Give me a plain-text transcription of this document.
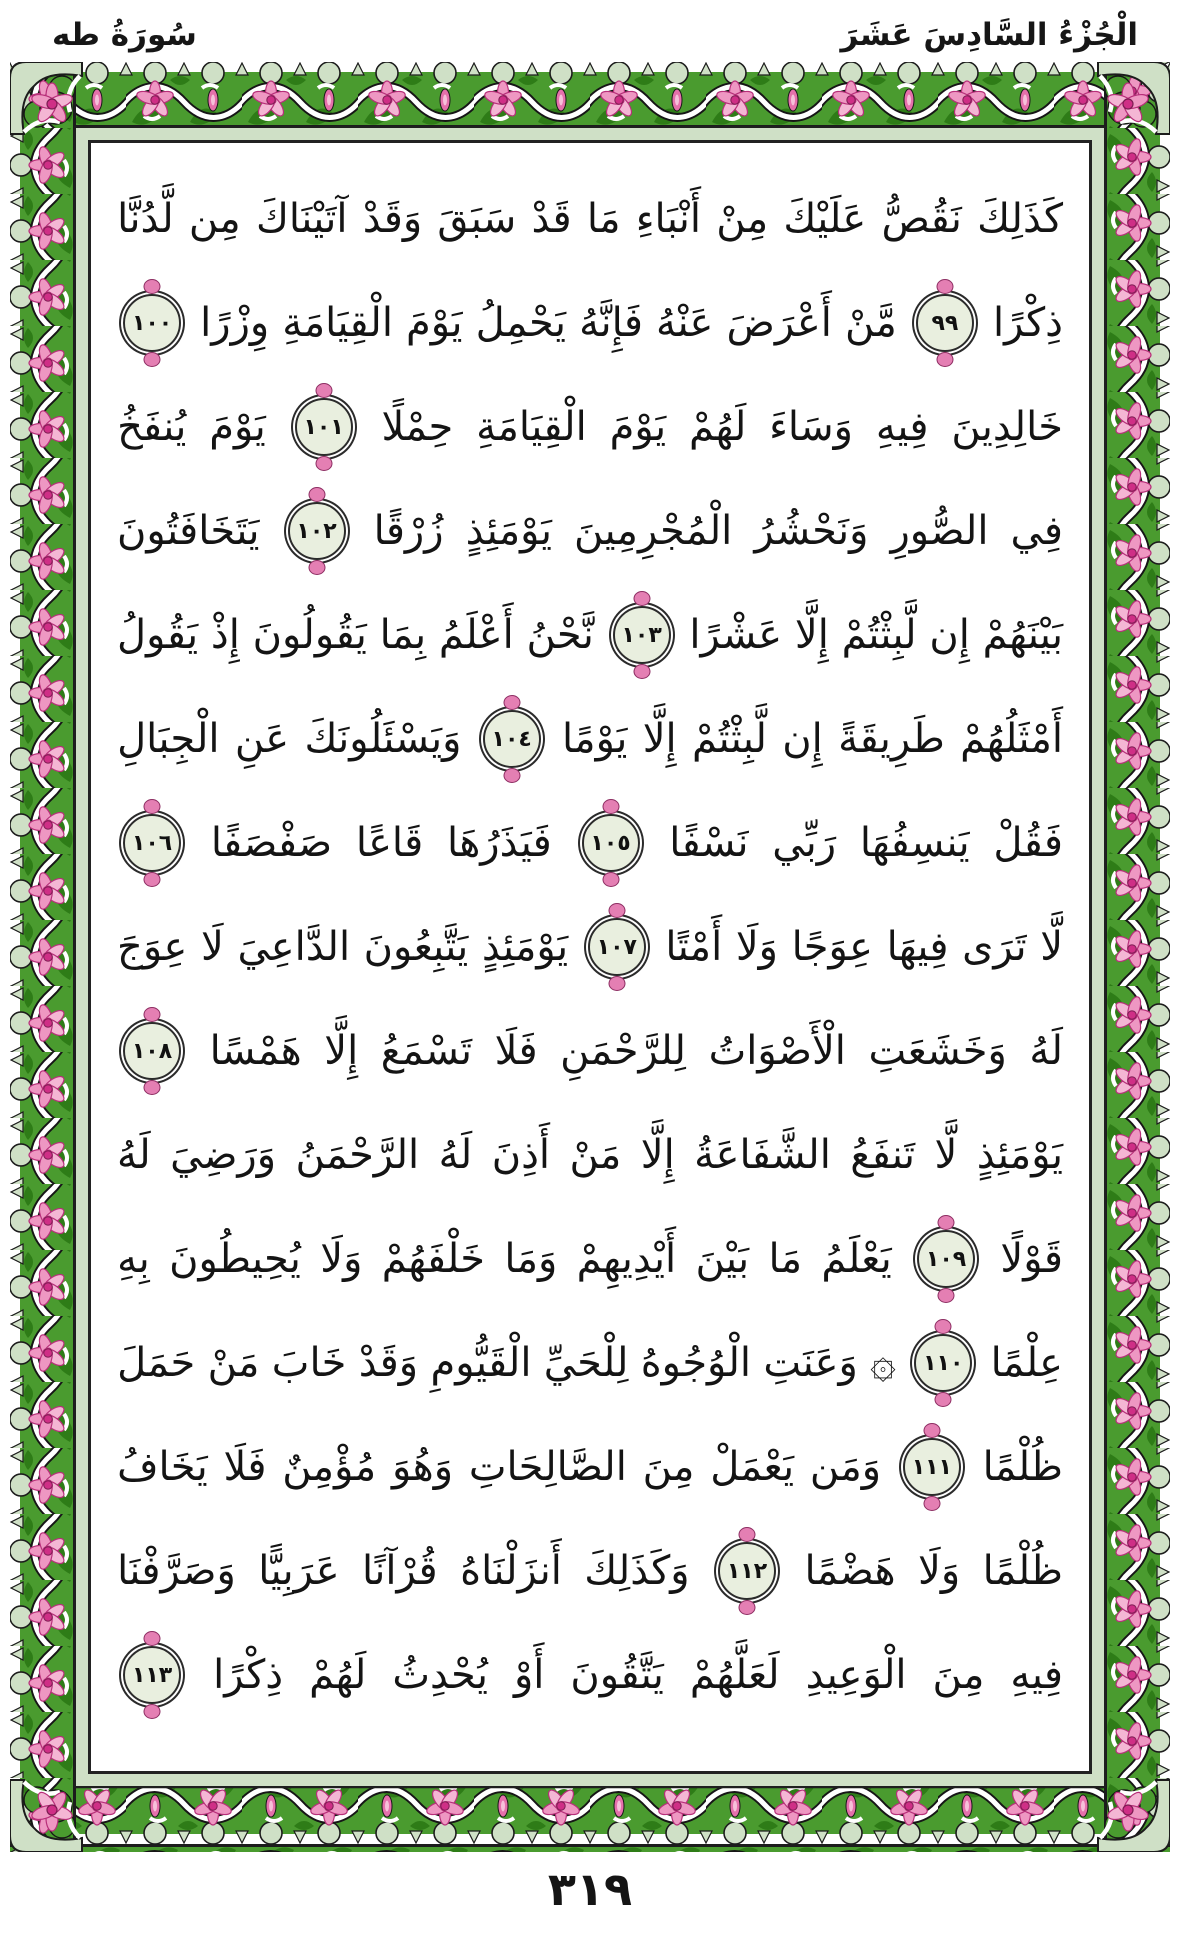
الْجُزْءُ السَّادِسَ عَشَرَ
سُورَةُ طه
كَذَلِكَ
نَقُصُّ
عَلَيْكَ
مِنْ
أَنْبَاءِ
مَا
قَدْ
سَبَقَ
وَقَدْ
آتَيْنَاكَ
مِن
لَّدُنَّا
ذِكْرًا
٩٩
مَّنْ
أَعْرَضَ
عَنْهُ
فَإِنَّهُ
يَحْمِلُ
يَوْمَ
الْقِيَامَةِ
وِزْرًا
١٠٠
خَالِدِينَ
فِيهِ
وَسَاءَ
لَهُمْ
يَوْمَ
الْقِيَامَةِ
حِمْلًا
١٠١
يَوْمَ
يُنفَخُ
فِي
الصُّورِ
وَنَحْشُرُ
الْمُجْرِمِينَ
يَوْمَئِذٍ
زُرْقًا
١٠٢
يَتَخَافَتُونَ
بَيْنَهُمْ
إِن
لَّبِثْتُمْ
إِلَّا
عَشْرًا
١٠٣
نَّحْنُ
أَعْلَمُ
بِمَا
يَقُولُونَ
إِذْ
يَقُولُ
أَمْثَلُهُمْ
طَرِيقَةً
إِن
لَّبِثْتُمْ
إِلَّا
يَوْمًا
١٠٤
وَيَسْئَلُونَكَ
عَنِ
الْجِبَالِ
فَقُلْ
يَنسِفُهَا
رَبِّي
نَسْفًا
١٠٥
فَيَذَرُهَا
قَاعًا
صَفْصَفًا
١٠٦
لَّا
تَرَى
فِيهَا
عِوَجًا
وَلَا
أَمْتًا
١٠٧
يَوْمَئِذٍ
يَتَّبِعُونَ
الدَّاعِيَ
لَا
عِوَجَ
لَهُ
وَخَشَعَتِ
الْأَصْوَاتُ
لِلرَّحْمَنِ
فَلَا
تَسْمَعُ
إِلَّا
هَمْسًا
١٠٨
يَوْمَئِذٍ
لَّا
تَنفَعُ
الشَّفَاعَةُ
إِلَّا
مَنْ
أَذِنَ
لَهُ
الرَّحْمَنُ
وَرَضِيَ
لَهُ
قَوْلًا
١٠٩
يَعْلَمُ
مَا
بَيْنَ
أَيْدِيهِمْ
وَمَا
خَلْفَهُمْ
وَلَا
يُحِيطُونَ
بِهِ
عِلْمًا
١١٠
۞
وَعَنَتِ
الْوُجُوهُ
لِلْحَيِّ
الْقَيُّومِ
وَقَدْ
خَابَ
مَنْ
حَمَلَ
ظُلْمًا
١١١
وَمَن
يَعْمَلْ
مِنَ
الصَّالِحَاتِ
وَهُوَ
مُؤْمِنٌ
فَلَا
يَخَافُ
ظُلْمًا
وَلَا
هَضْمًا
١١٢
وَكَذَلِكَ
أَنزَلْنَاهُ
قُرْآنًا
عَرَبِيًّا
وَصَرَّفْنَا
فِيهِ
مِنَ
الْوَعِيدِ
لَعَلَّهُمْ
يَتَّقُونَ
أَوْ
يُحْدِثُ
لَهُمْ
ذِكْرًا
١١٣
٣١٩
